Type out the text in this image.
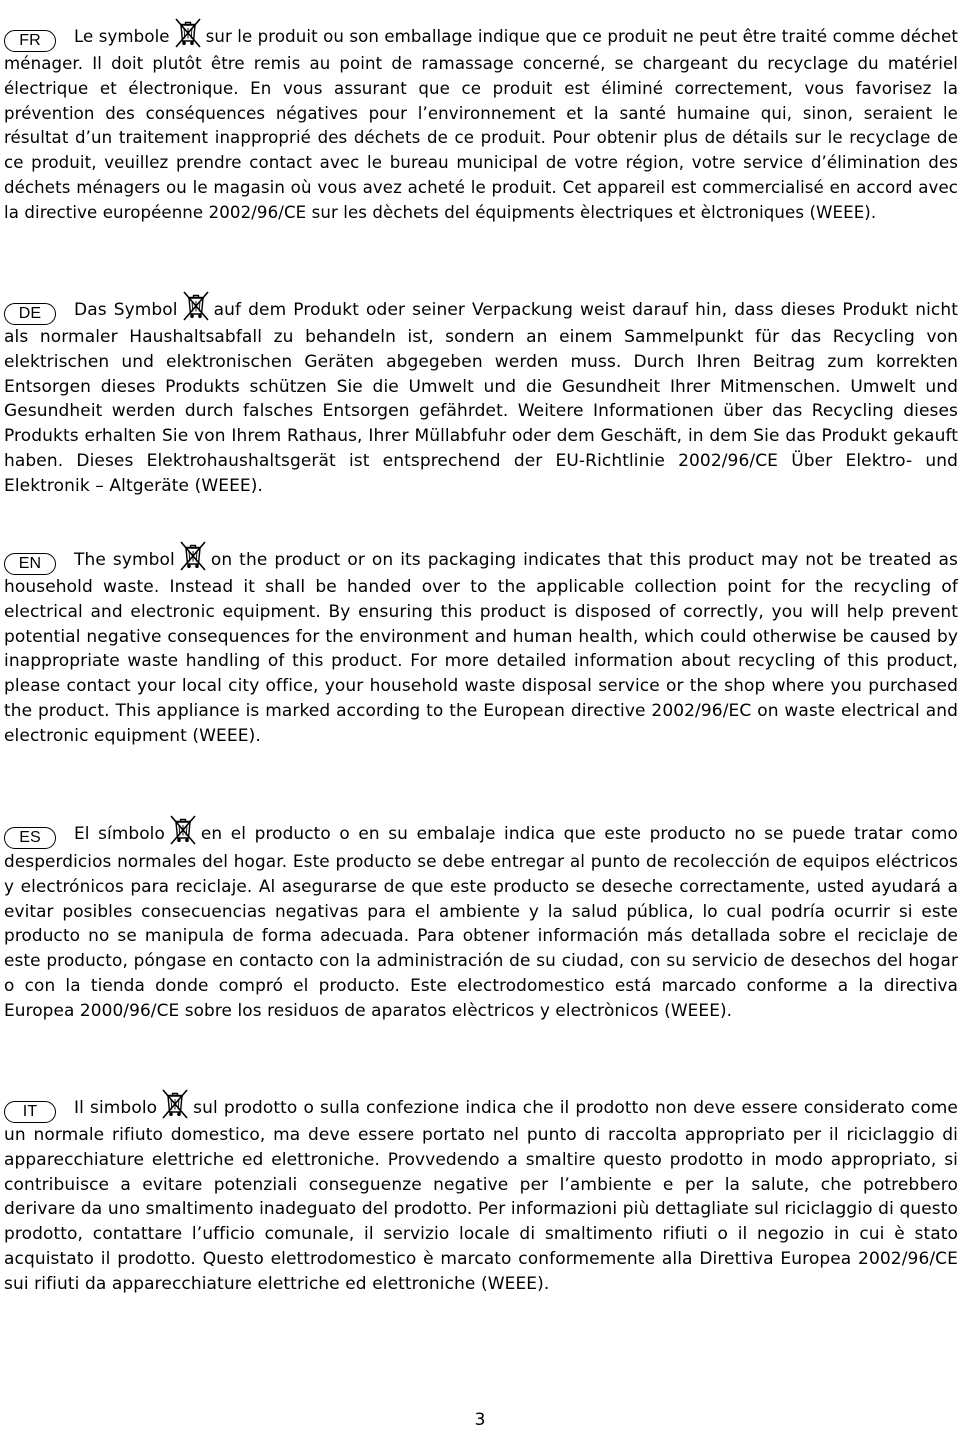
FR Le symbole sur le produit ou son emballage indique que ce produit ne peut être traité comme déchet ménager. Il doit plutôt être remis au point de ramassage concerné, se chargeant du recyclage du matériel électrique et électronique. En vous assurant que ce produit est éliminé correctement, vous favorisez la prévention des conséquences négatives pour l’environnement et la santé humaine qui, sinon, seraient le résultat d’un traitement inapproprié des déchets de ce produit. Pour obtenir plus de détails sur le recyclage de ce produit, veuillez prendre contact avec le bureau municipal de votre région, votre service d’élimination des déchets ménagers ou le magasin où vous avez acheté le produit. Cet appareil est commercialisé en accord avec la directive européenne 2002/96/CE sur les dèchets del équipments èlectriques et èlctroniques (WEEE).

DE Das Symbol auf dem Produkt oder seiner Verpackung weist darauf hin, dass dieses Produkt nicht als normaler Haushaltsabfall zu behandeln ist, sondern an einem Sammelpunkt für das Recycling von elektrischen und elektronischen Geräten abgegeben werden muss. Durch Ihren Beitrag zum korrekten Entsorgen dieses Produkts schützen Sie die Umwelt und die Gesundheit Ihrer Mitmenschen. Umwelt und Gesundheit werden durch falsches Entsorgen gefährdet. Weitere Informationen über das Recycling dieses Produkts erhalten Sie von Ihrem Rathaus, Ihrer Müllabfuhr oder dem Geschäft, in dem Sie das Produkt gekauft haben. Dieses Elektrohaushaltsgerät ist entsprechend der EU-Richtlinie 2002/96/CE Über Elektro- und Elektronik – Altgeräte (WEEE).

EN The symbol on the product or on its packaging indicates that this product may not be treated as household waste. Instead it shall be handed over to the applicable collection point for the recycling of electrical and electronic equipment. By ensuring this product is disposed of correctly, you will help prevent potential negative consequences for the environment and human health, which could otherwise be caused by inappropriate waste handling of this product. For more detailed information about recycling of this product, please contact your local city office, your household waste disposal service or the shop where you purchased the product. This appliance is marked according to the European directive 2002/96/EC on waste electrical and electronic equipment (WEEE).

ES El símbolo en el producto o en su embalaje indica que este producto no se puede tratar como desperdicios normales del hogar. Este producto se debe entregar al punto de recolección de equipos eléctricos y electrónicos para reciclaje. Al asegurarse de que este producto se deseche correctamente, usted ayudará a evitar posibles consecuencias negativas para el ambiente y la salud pública, lo cual podría ocurrir si este producto no se manipula de forma adecuada. Para obtener información más detallada sobre el reciclaje de este producto, póngase en contacto con la administración de su ciudad, con su servicio de desechos del hogar o con la tienda donde compró el producto. Este electrodomestico está marcado conforme a la directiva Europea 2000/96/CE sobre los residuos de aparatos elèctricos y electrònicos (WEEE).

IT Il simbolo sul prodotto o sulla confezione indica che il prodotto non deve essere considerato come un normale rifiuto domestico, ma deve essere portato nel punto di raccolta appropriato per il riciclaggio di apparecchiature elettriche ed elettroniche. Provvedendo a smaltire questo prodotto in modo appropriato, si contribuisce a evitare potenziali conseguenze negative per l’ambiente e per la salute, che potrebbero derivare da uno smaltimento inadeguato del prodotto. Per informazioni più dettagliate sul riciclaggio di questo prodotto, contattare l’ufficio comunale, il servizio locale di smaltimento rifiuti o il negozio in cui è stato acquistato il prodotto. Questo elettrodomestico è marcato conformemente alla Direttiva Europea 2002/96/CE sui rifiuti da apparecchiature elettriche ed elettroniche (WEEE).

3
